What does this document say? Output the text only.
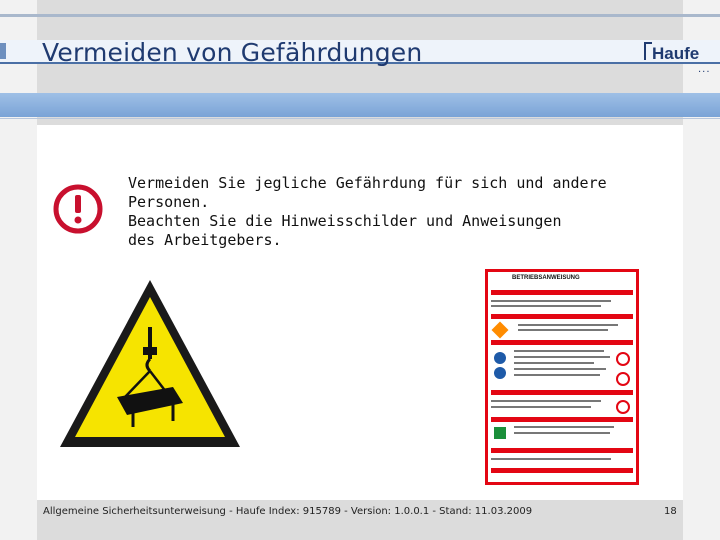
Vermeiden von Gefährdungen	Haufe
...
Vermeiden Sie jegliche Gefährdung für sich und andere
Personen.
Beachten Sie die Hinweisschilder und Anweisungen
des Arbeitgebers.
BETRIEBSANWEISUNG
Allgemeine Sicherheitsunterweisung - Haufe Index: 915789 - Version: 1.0.0.1 - Stand: 11.03.2009	18
